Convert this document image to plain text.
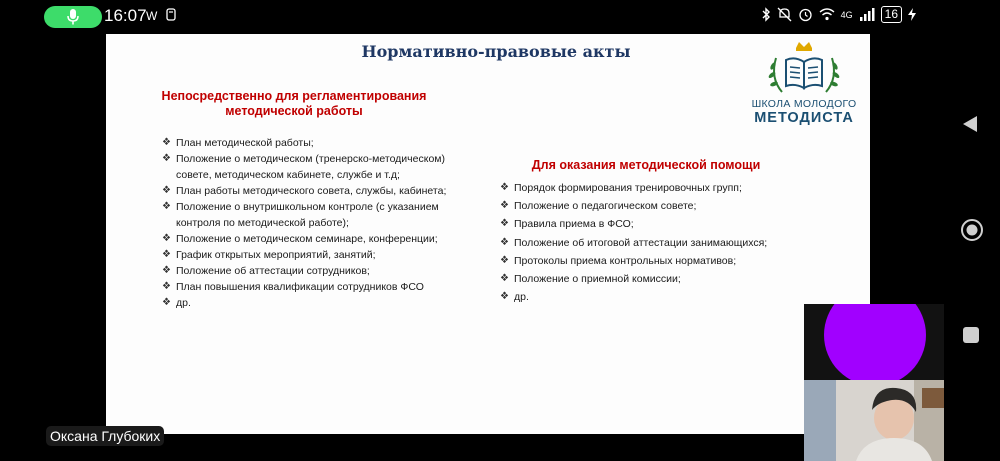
16:07 W	4G	16
Нормативно-правовые акты
Непосредственно для регламентирования
методической работы
❖ План методической работы;
❖ Положение о методическом (тренерско-методическом) совете, методическом кабинете, службе и т.д;
❖ План работы методического совета, службы, кабинета;
❖ Положение о внутришкольном контроле (с указанием контроля по методической работе);
❖ Положение о методическом семинаре, конференции;
❖ График открытых мероприятий, занятий;
❖ Положение об аттестации сотрудников;
❖ План повышения квалификации сотрудников ФСО
❖ др.
Для оказания методической помощи
❖ Порядок формирования тренировочных групп;
❖ Положение о педагогическом совете;
❖ Правила приема в ФСО;
❖ Положение об итоговой аттестации занимающихся;
❖ Протоколы приема контрольных нормативов;
❖ Положение о приемной комиссии;
❖ др.
ШКОЛА МОЛОДОГО
МЕТОДИСТА
Оксана Глубоких
